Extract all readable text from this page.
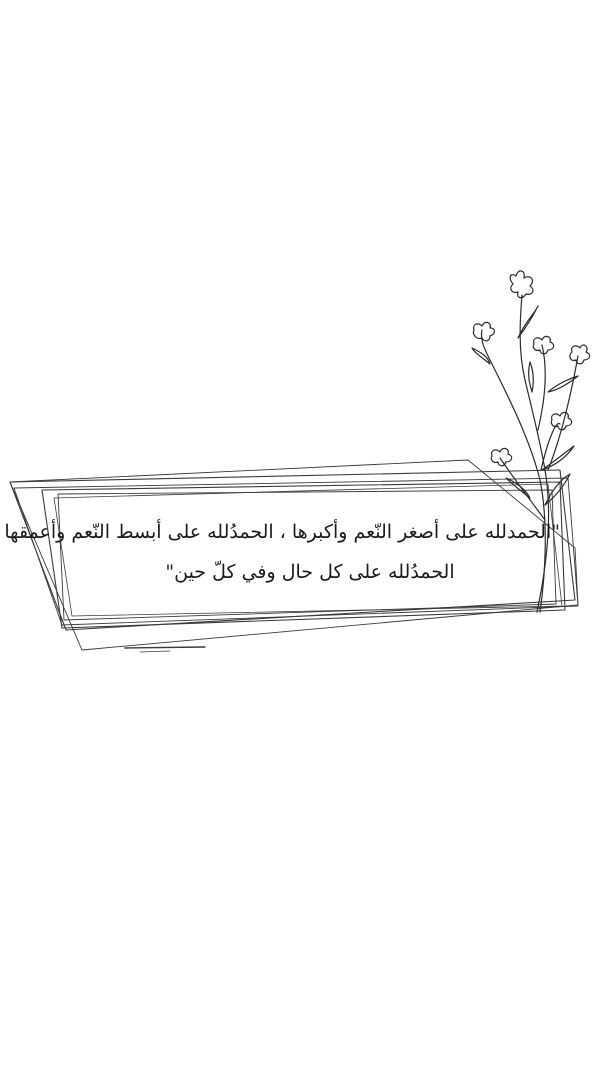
"الحمدلله على أصغر النّعم وأكبرها ، الحمدُلله على أبسط النّعم وأعمقها
الحمدُلله على كل حال وفي كلّ حين"
